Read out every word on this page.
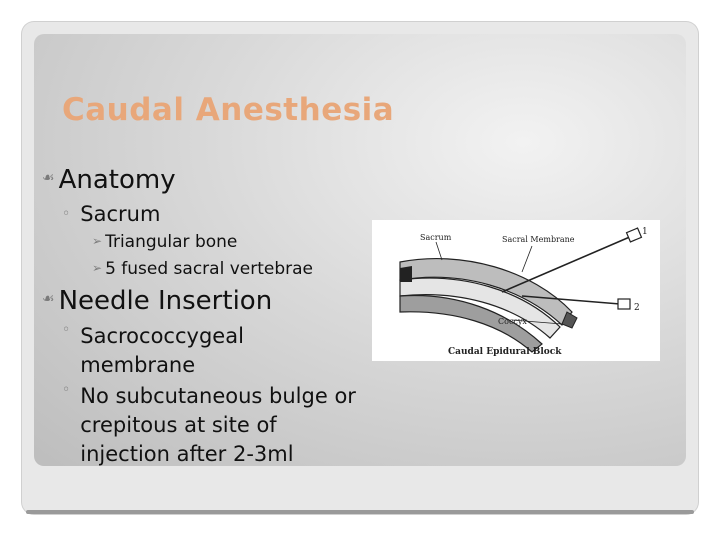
Caudal Anesthesia
☙ Anatomy
◦ Sacrum
➢ Triangular bone
➢ 5 fused sacral vertebrae
☙ Needle Insertion
◦ Sacrococcygeal membrane
◦ No subcutaneous bulge or crepitous at site of injection after 2-3ml
Sacrum	Sacral Membrane
Coccyx
1
2
Caudal Epidural Block
